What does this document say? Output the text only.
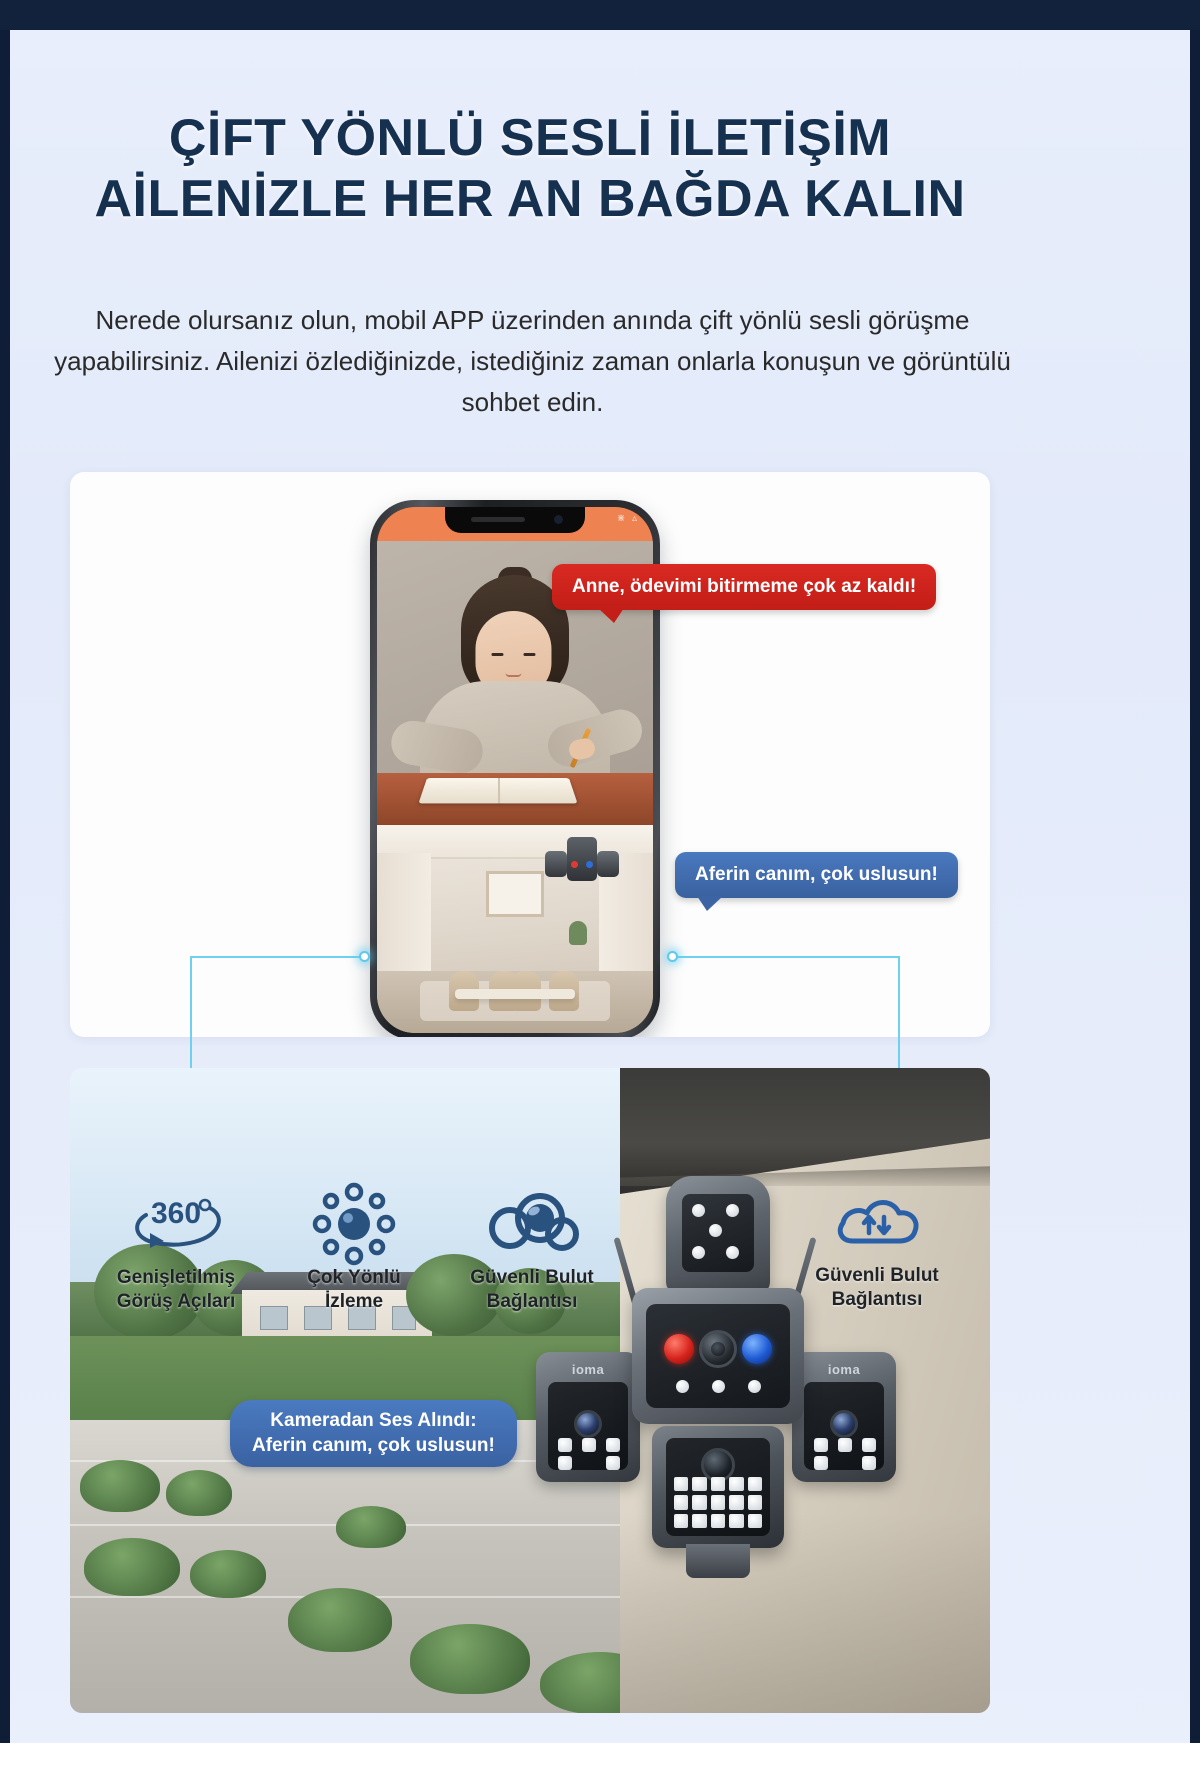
ÇİFT YÖNLÜ SESLİ İLETİŞİM
AİLENİZLE HER AN BAĞDA KALIN

Nerede olursanız olun, mobil APP üzerinden anında çift yönlü sesli görüşme yapabilirsiniz. Ailenizi özlediğinizde, istediğiniz zaman onlarla konuşun ve görüntülü sohbet edin.

⋇ ▵
Anne, ödevimi bitirmeme çok az kaldı!
Aferin canım, çok uslusun!
ioma	ioma
360
Genişletilmiş
Görüş Açıları
Çok Yönlü
İzleme
Güvenli Bulut
Bağlantısı
Güvenli Bulut
Bağlantısı
Kameradan Ses Alındı:
Aferin canım, çok uslusun!
